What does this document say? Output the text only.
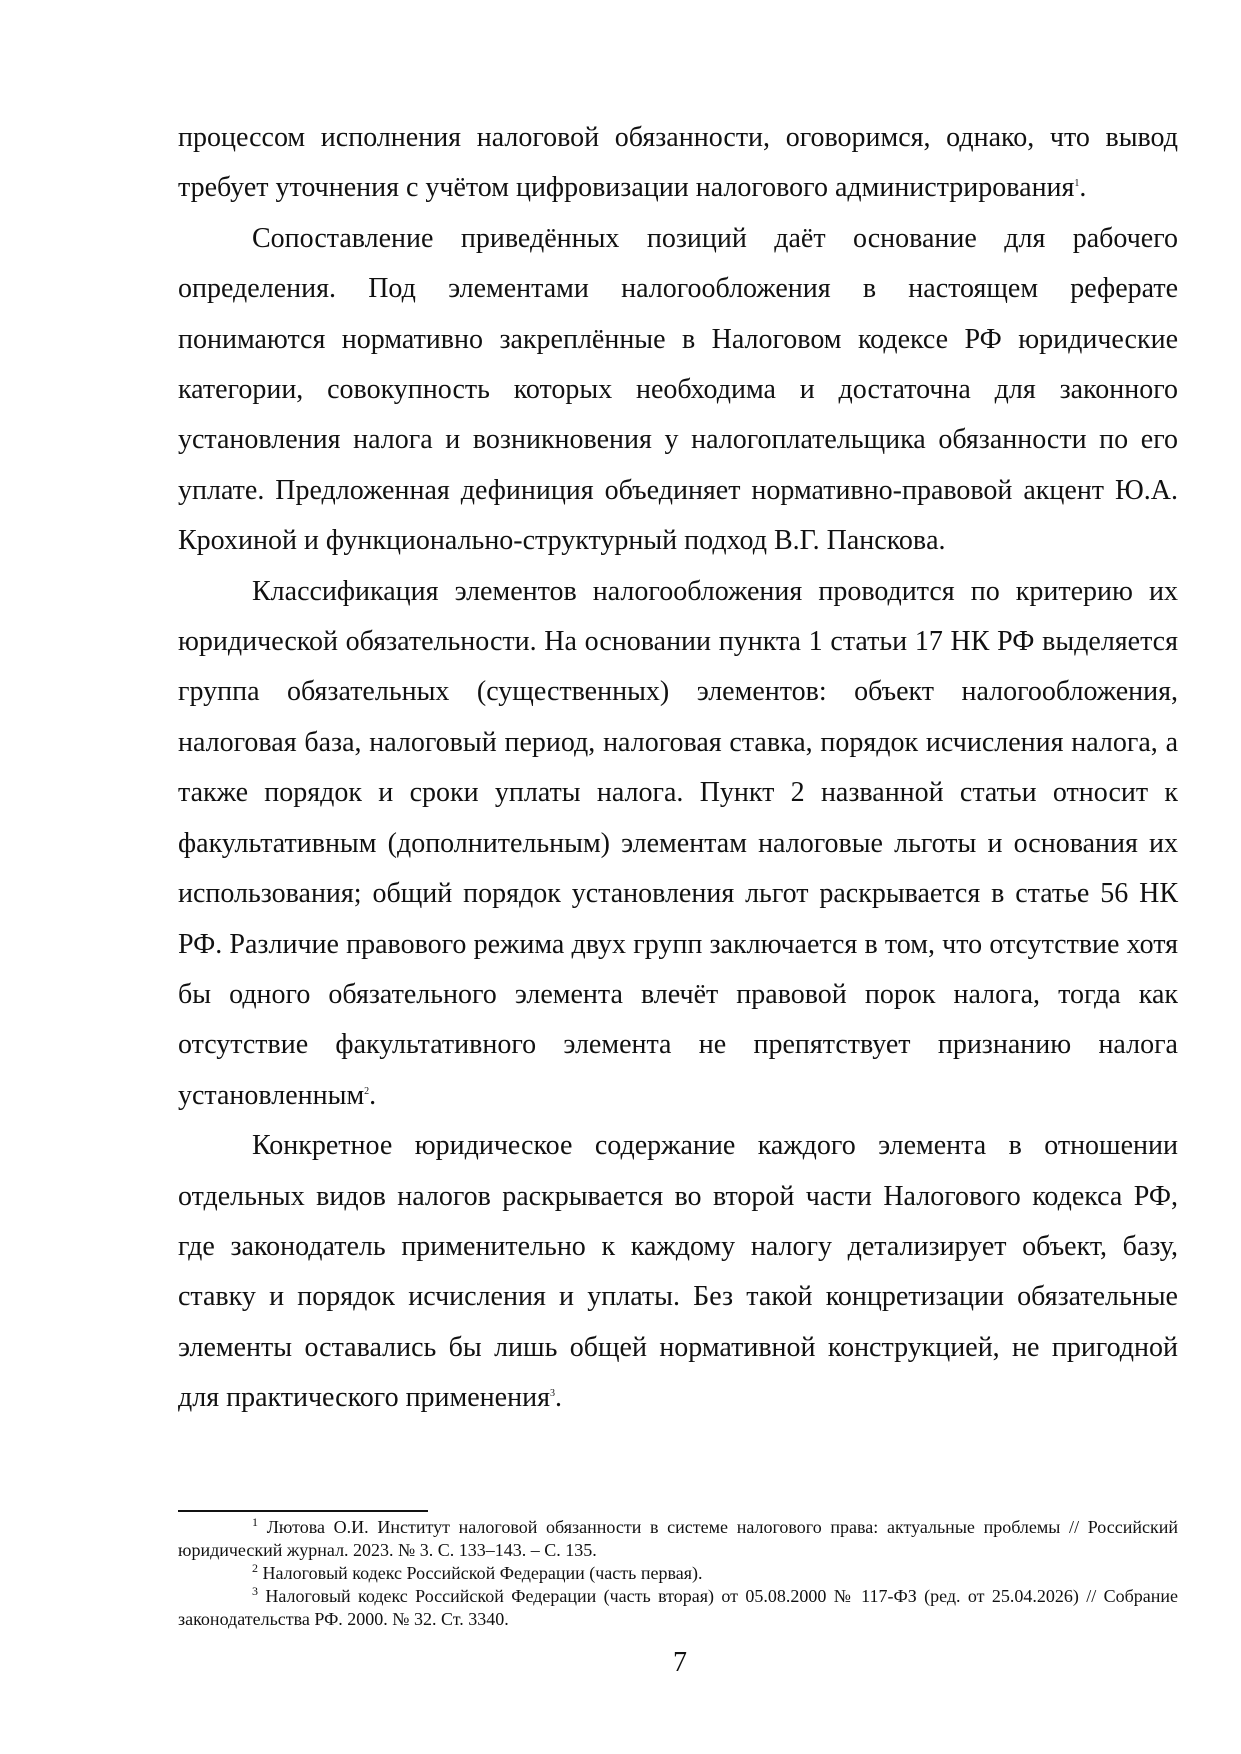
процессом исполнения налоговой обязанности, оговоримся, однако, что вывод требует уточнения с учётом цифровизации налогового администрирования$^1$.

Сопоставление приведённых позиций даёт основание для рабочего определения. Под элементами налогообложения в настоящем реферате понимаются нормативно закреплённые в Налоговом кодексе РФ юридические категории, совокупность которых необходима и достаточна для законного установления налога и возникновения у налогоплательщика обязанности по его уплате. Предложенная дефиниция объединяет нормативно-правовой акцент Ю.А. Крохиной и функционально-структурный подход В.Г. Пансковa.

Классификация элементов налогообложения проводится по критерию их юридической обязательности. На основании пункта 1 статьи 17 НК РФ выделяется группа обязательных (существенных) элементов: объект налогообложения, налоговая база, налоговый период, налоговая ставка, порядок исчисления налога, а также порядок и сроки уплаты налога. Пункт 2 названной статьи относит к факультативным (дополнительным) элементам налоговые льготы и основания их использования; общий порядок установления льгот раскрывается в статье 56 НК РФ. Различие правового режима двух групп заключается в том, что отсутствие хотя бы одного обязательного элемента влечёт правовой порок налога, тогда как отсутствие факультативного элемента не препятствует признанию налога установленным$^2$.

Конкретное юридическое содержание каждого элемента в отношении отдельных видов налогов раскрывается во второй части Налогового кодекса РФ, где законодатель применительно к каждому налогу детализирует объект, базу, ставку и порядок исчисления и уплаты. Без такой концретизации обязательные элементы оставались бы лишь общей нормативной конструкцией, не пригодной для практического применения$^3$.

$^1$ Лютова О.И. Институт налоговой обязанности в системе налогового права: актуальные проблемы // Российский юридический журнал. 2023. № 3. С. 133–143. – С. 135.

$^2$ Налоговый кодекс Российской Федерации (часть первая).

$^3$ Налоговый кодекс Российской Федерации (часть вторая) от 05.08.2000 № 117-ФЗ (ред. от 25.04.2026) // Собрание законодательства РФ. 2000. № 32. Ст. 3340.

7
